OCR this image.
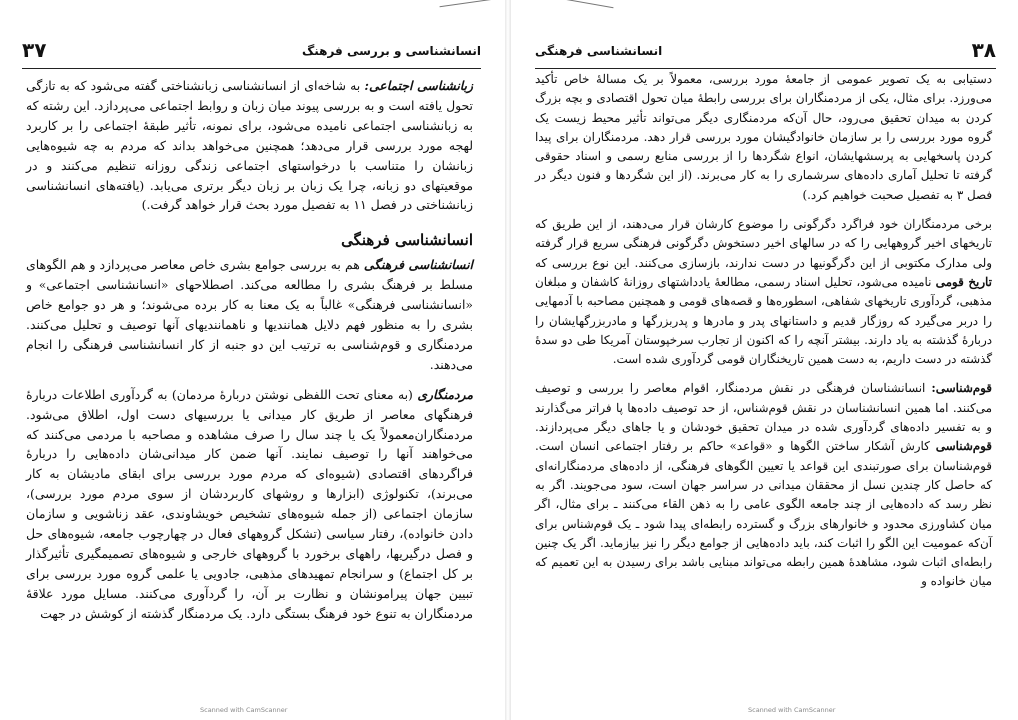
۳۷	انسانشناسی و بررسی فرهنگ

زبانشناسی اجتماعی: به شاخه‌ای از انسانشناسی زبانشناختی گفته می‌شود که به تازگی تحول یافته است و به بررسی پیوند میان زبان و روابط اجتماعی می‌پردازد. این رشته که به زبانشناسی اجتماعی نامیده می‌شود، برای نمونه، تأثیر طبقهٔ اجتماعی را بر کاربرد لهجه مورد بررسی قرار می‌دهد؛ همچنین می‌خواهد بداند که مردم به چه شیوه‌هایی زبانشان را متناسب با درخواستهای اجتماعی زندگی روزانه تنظیم می‌کنند و در موقعیتهای دو زبانه، چرا یک زبان بر زبان دیگر برتری می‌یابد. (یافته‌های انسانشناسی زبانشناختی در فصل ۱۱ به تفصیل مورد بحث قرار خواهد گرفت.)

انسانشناسی فرهنگی

انسانشناسی فرهنگی هم به بررسی جوامع بشری خاص معاصر می‌پردازد و هم الگوهای مسلط بر فرهنگ بشری را مطالعه می‌کند. اصطلاحهای «انسانشناسی اجتماعی» و «انسانشناسی فرهنگی» غالباً به یک معنا به کار برده می‌شوند؛ و هر دو جوامع خاص بشری را به منظور فهم دلایل همانندیها و ناهمانندیهای آنها توصیف و تحلیل می‌کنند. مردمنگاری و قوم‌شناسی به ترتیب این دو جنبه از کار انسانشناسی فرهنگی را انجام می‌دهند.

مردمنگاری (به معنای تحت اللفظی نوشتن دربارهٔ مردمان) به گردآوری اطلاعات دربارهٔ فرهنگهای معاصر از طریق کار میدانی یا بررسیهای دست اول، اطلاق می‌شود. مردمنگاران‌معمولاً یک یا چند سال را صرف مشاهده و مصاحبه با مردمی می‌کنند که می‌خواهند آنها را توصیف نمایند. آنها ضمن کار میدانی‌شان داده‌هایی را دربارهٔ فراگردهای اقتصادی (شیوه‌ای که مردم مورد بررسی برای ابقای مادیشان به کار می‌برند)، تکنولوژی (ابزارها و روشهای کاربردشان از سوی مردم مورد بررسی)، سازمان اجتماعی (از جمله شیوه‌های تشخیص خویشاوندی، عقد زناشویی و سازمان دادن خانواده)، رفتار سیاسی (تشکل گروههای فعال در چهارچوب جامعه، شیوه‌های حل و فصل درگیریها، راههای برخورد با گروههای خارجی و شیوه‌های تصمیمگیری تأثیرگذار بر کل اجتماع) و سرانجام تمهیدهای مذهبی، جادویی یا علمی گروه مورد بررسی برای تبیین جهان پیرامونشان و نظارت بر آن، را گردآوری می‌کنند. مسایل مورد علاقهٔ مردمنگاران به تنوع خود فرهنگ بستگی دارد. یک مردمنگار گذشته از کوشش در جهت

Scanned with CamScanner
۳۸
انسانشناسی فرهنگی

دستیابی به یک تصویر عمومی از جامعهٔ مورد بررسی، معمولاً بر یک مسالهٔ خاص تأکید می‌ورزد. برای مثال، یکی از مردمنگاران برای بررسی رابطهٔ میان تحول اقتصادی و بچه بزرگ کردن به میدان تحقیق می‌رود، حال آن‌که مردمنگاری دیگر می‌تواند تأثیر محیط زیست یک گروه مورد بررسی را بر سازمان خانوادگیشان مورد بررسی قرار دهد. مردمنگاران برای پیدا کردن پاسخهایی به پرسشهایشان، انواع شگردها را از بررسی منابع رسمی و اسناد حقوقی گرفته تا تحلیل آماری داده‌های سرشماری را به کار می‌برند. (از این شگردها و فنون دیگر در فصل ۳ به تفصیل صحبت خواهیم کرد.)

برخی مردمنگاران خود فراگرد دگرگونی را موضوع کارشان قرار می‌دهند، از این طریق که تاریخهای اخیر گروههایی را که در سالهای اخیر دستخوش دگرگونی فرهنگی سریع قرار گرفته ولی مدارک مکتوبی از این دگرگونیها در دست ندارند، بازسازی می‌کنند. این نوع بررسی که تاریخ قومی نامیده می‌شود، تحلیل اسناد رسمی، مطالعهٔ یادداشتهای روزانهٔ کاشفان و مبلغان مذهبی، گردآوری تاریخهای شفاهی، اسطوره‌ها و قصه‌های قومی و همچنین مصاحبه با آدمهایی را دربر می‌گیرد که روزگار قدیم و داستانهای پدر و مادرها و پدربزرگها و مادربزرگهایشان را دربارهٔ گذشته به یاد دارند. بیشتر آنچه را که اکنون از تجارب سرخپوستان آمریکا طی دو سدهٔ گذشته در دست داریم، به دست همین تاریخنگاران قومی گردآوری شده است.

قوم‌شناسی: انسانشناسان فرهنگی در نقش مردمنگار، اقوام معاصر را بررسی و توصیف می‌کنند. اما همین انسانشناسان در نقش قوم‌شناس، از حد توصیف داده‌ها پا فراتر می‌گذارند و به تفسیر داده‌های گردآوری شده در میدان تحقیق خودشان و یا جاهای دیگر می‌پردازند. قوم‌شناسی کارش آشکار ساختن الگوها و «قواعد» حاکم بر رفتار اجتماعی انسان است. قوم‌شناسان برای صورتبندی این قواعد یا تعیین الگوهای فرهنگی، از داده‌های مردمنگارانه‌ای که حاصل کار چندین نسل از محققان میدانی در سراسر جهان است، سود می‌جویند. اگر به نظر رسد که داده‌هایی از چند جامعه الگوی عامی را به ذهن القاء می‌کنند ـ برای مثال، اگر میان کشاورزی محدود و خانوارهای بزرگ و گسترده رابطه‌ای پیدا شود ـ یک قوم‌شناس برای آن‌که عمومیت این الگو را اثبات کند، باید داده‌هایی از جوامع دیگر را نیز بیازماید. اگر یک چنین رابطه‌ای اثبات شود، مشاهدهٔ همین رابطه می‌تواند مبنایی باشد برای رسیدن به این تعمیم که میان خانواده و

Scanned with CamScanner
